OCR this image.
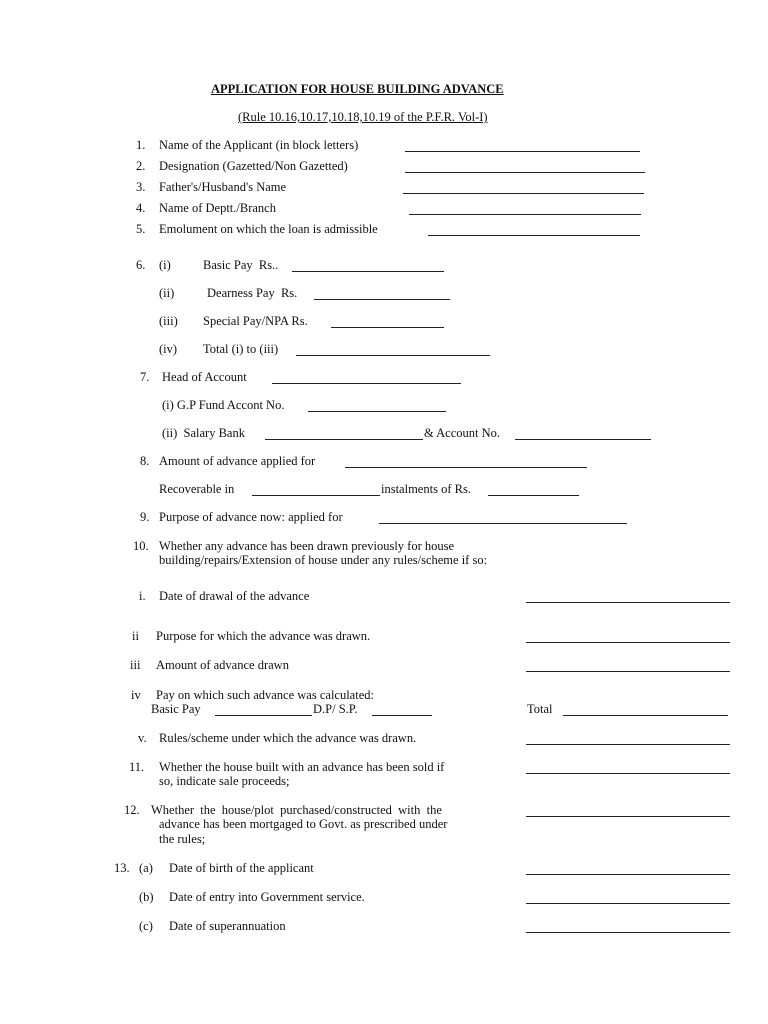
APPLICATION FOR HOUSE BUILDING ADVANCE
(Rule 10.16,10.17,10.18,10.19 of the P.F.R. Vol-I)
1. Name of the Applicant (in block letters)
2. Designation (Gazetted/Non Gazetted)
3. Father's/Husband's Name
4. Name of Deptt./Branch
5. Emolument on which the loan is admissible
6. (i)	Basic Pay  Rs..
(ii)	Dearness Pay  Rs.
(iii) Special Pay/NPA Rs.
(iv) Total (i) to (iii)
7. Head of Account
(i) G.P Fund Accont No.
(ii)  Salary Bank	& Account No.
8. Amount of advance applied for
Recoverable in	instalments of Rs.
9. Purpose of advance now: applied for
10. Whether any advance has been drawn previously for house
building/repairs/Extension of house under any rules/scheme if so:
i. Date of drawal of the advance
ii Purpose for which the advance was drawn.
iii Amount of advance drawn
iv Pay on which such advance was calculated:
Basic Pay	D.P/ S.P.	Total
v. Rules/scheme under which the advance was drawn.
11. Whether the house built with an advance has been sold if
so, indicate sale proceeds;
12. Whether  the  house/plot  purchased/constructed  with  the
advance has been mortgaged to Govt. as prescribed under
the rules;
13. (a) Date of birth of the applicant
(b) Date of entry into Government service.
(c) Date of superannuation
